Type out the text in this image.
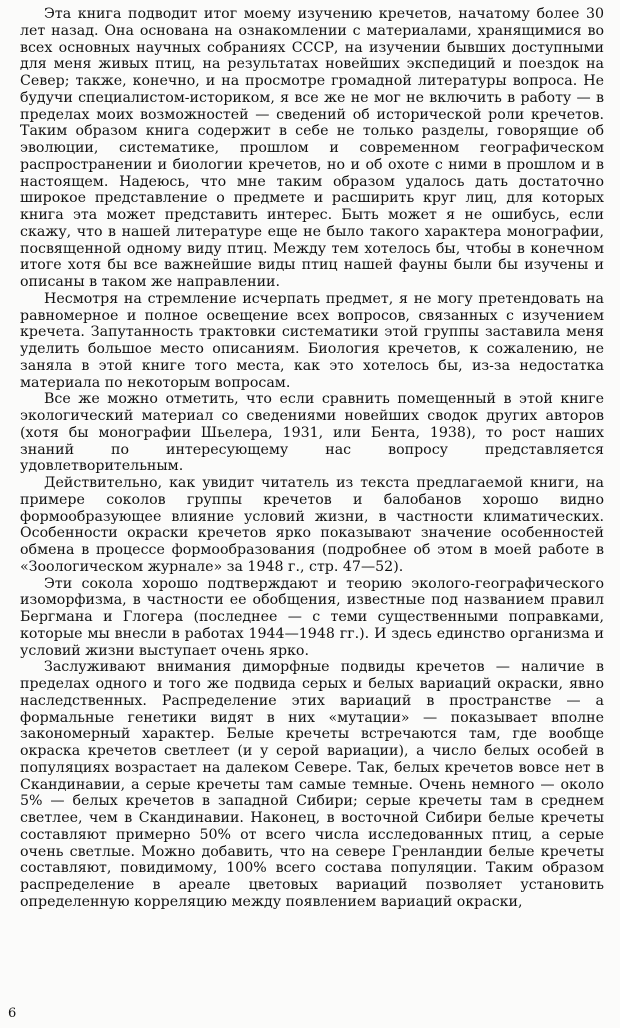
Эта книга подводит итог моему изучению кречетов, начатому более 30 лет назад. Она основана на ознакомлении с материалами, хранящимися во всех основных научных собраниях СССР, на изучении бывших доступными для меня живых птиц, на результатах новейших экспедиций и поездок на Север; также, конечно, и на просмотре громадной литературы вопроса. Не будучи специалистом-историком, я все же не мог не включить в работу — в пределах моих возможностей — сведений об исторической роли кречетов. Таким образом книга содержит в себе не только разделы, говорящие об эволюции, систематике, прошлом и современном географическом распространении и биологии кречетов, но и об охоте с ними в прошлом и в настоящем. Надеюсь, что мне таким образом удалось дать достаточно широкое представление о предмете и расширить круг лиц, для которых книга эта может представить интерес. Быть может я не ошибусь, если скажу, что в нашей литературе еще не было такого характера монографии, посвященной одному виду птиц. Между тем хотелось бы, чтобы в конечном итоге хотя бы все важнейшие виды птиц нашей фауны были бы изучены и описаны в таком же направлении.

Несмотря на стремление исчерпать предмет, я не могу претендовать на равномерное и полное освещение всех вопросов, связанных с изучением кречета. Запутанность трактовки систематики этой группы заставила меня уделить большое место описаниям. Биология кречетов, к сожалению, не заняла в этой книге того места, как это хотелось бы, из-за недостатка материала по некоторым вопросам.

Все же можно отметить, что если сравнить помещенный в этой книге экологический материал со сведениями новейших сводок других авторов (хотя бы монографии Шьелера, 1931, или Бента, 1938), то рост наших знаний по интересующему нас вопросу представляется удовлетворительным.

Действительно, как увидит читатель из текста предлагаемой книги, на примере соколов группы кречетов и балобанов хорошо видно формообразующее влияние условий жизни, в частности климатических. Особенности окраски кречетов ярко показывают значение особенностей обмена в процессе формообразования (подробнее об этом в моей работе в «Зоологическом журнале» за 1948 г., стр. 47—52).

Эти сокола хорошо подтверждают и теорию эколого-географического изоморфизма, в частности ее обобщения, известные под названием правил Бергмана и Глогера (последнее — с теми существенными поправками, которые мы внесли в работах 1944—1948 гг.). И здесь единство организма и условий жизни выступает очень ярко.

Заслуживают внимания диморфные подвиды кречетов — наличие в пределах одного и того же подвида серых и белых вариаций окраски, явно наследственных. Распределение этих вариаций в пространстве — а формальные генетики видят в них «мутации» — показывает вполне закономерный характер. Белые кречеты встречаются там, где вообще окраска кречетов светлеет (и у серой вариации), а число белых особей в популяциях возрастает на далеком Севере. Так, белых кречетов вовсе нет в Скандинавии, а серые кречеты там самые темные. Очень немного — около 5% — белых кречетов в западной Сибири; серые кречеты там в среднем светлее, чем в Скандинавии. Наконец, в восточной Сибири белые кречеты составляют примерно 50% от всего числа исследованных птиц, а серые очень светлые. Можно добавить, что на севере Гренландии белые кречеты составляют, повидимому, 100% всего состава популяции. Таким образом распределение в ареале цветовых вариаций позволяет установить определенную корреляцию между появлением вариаций окраски,

6
